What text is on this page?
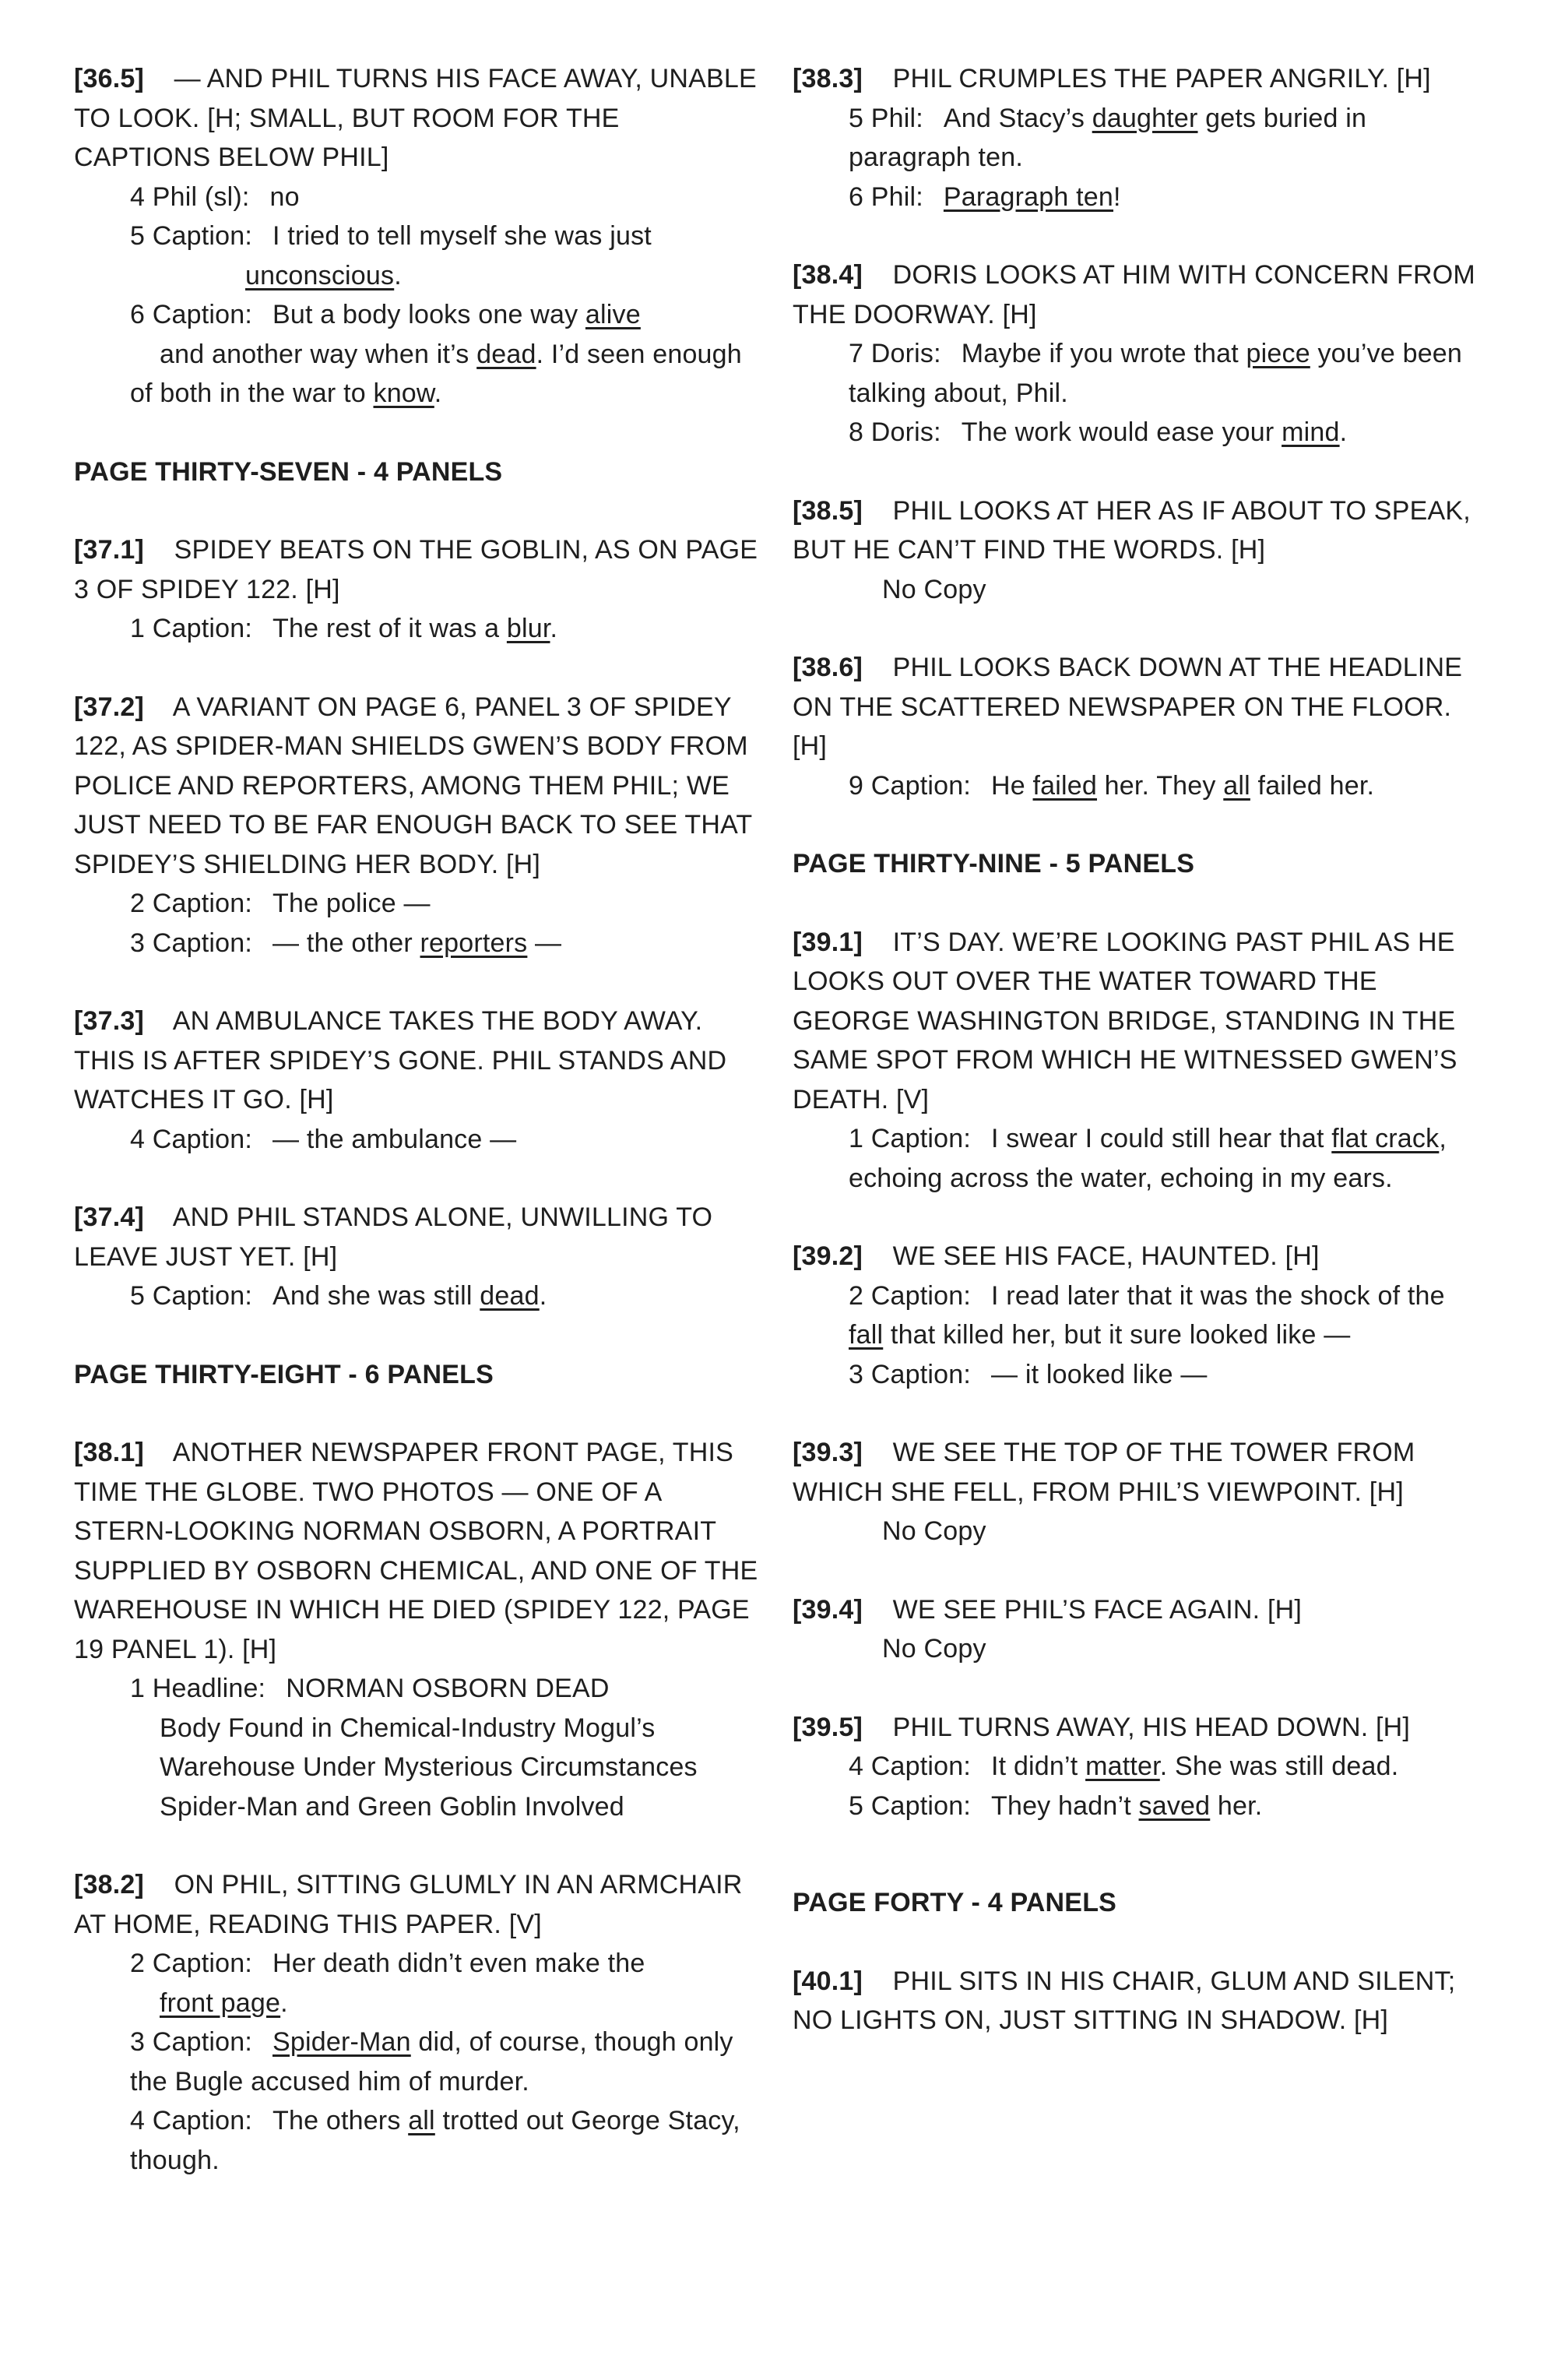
[36.5] — AND PHIL TURNS HIS FACE AWAY, UNABLE TO LOOK. [H; SMALL, BUT ROOM FOR THE CAPTIONS BELOW PHIL]

4 Phil (sl): no

5 Caption: I tried to tell myself she was just
unconscious.

6 Caption: But a body looks one way alive
and another way when it’s dead. I’d seen enough of both in the war to know.

PAGE THIRTY-SEVEN - 4 PANELS

[37.1] SPIDEY BEATS ON THE GOBLIN, AS ON PAGE 3 OF SPIDEY 122. [H]

1 Caption: The rest of it was a blur.

[37.2] A VARIANT ON PAGE 6, PANEL 3 OF SPIDEY 122, AS SPIDER-MAN SHIELDS GWEN’S BODY FROM POLICE AND REPORTERS, AMONG THEM PHIL; WE JUST NEED TO BE FAR ENOUGH BACK TO SEE THAT SPIDEY’S SHIELDING HER BODY. [H]

2 Caption: The police —

3 Caption: — the other reporters —

[37.3] AN AMBULANCE TAKES THE BODY AWAY. THIS IS AFTER SPIDEY’S GONE. PHIL STANDS AND WATCHES IT GO. [H]

4 Caption: — the ambulance —

[37.4] AND PHIL STANDS ALONE, UNWILLING TO LEAVE JUST YET. [H]

5 Caption: And she was still dead.

PAGE THIRTY-EIGHT - 6 PANELS

[38.1] ANOTHER NEWSPAPER FRONT PAGE, THIS TIME THE GLOBE. TWO PHOTOS — ONE OF A STERN-LOOKING NORMAN OSBORN, A PORTRAIT SUPPLIED BY OSBORN CHEMICAL, AND ONE OF THE WAREHOUSE IN WHICH HE DIED (SPIDEY 122, PAGE 19 PANEL 1). [H]

1 Headline: NORMAN OSBORN DEAD

Body Found in Chemical-Industry Mogul’s Warehouse Under Mysterious Circumstances

Spider-Man and Green Goblin Involved

[38.2] ON PHIL, SITTING GLUMLY IN AN ARMCHAIR AT HOME, READING THIS PAPER. [V]

2 Caption: Her death didn’t even make the
front page.

3 Caption: Spider-Man did, of course, though only the Bugle accused him of murder.

4 Caption: The others all trotted out George Stacy, though.

[38.3] PHIL CRUMPLES THE PAPER ANGRILY. [H]

5 Phil: And Stacy’s daughter gets buried in paragraph ten.

6 Phil: Paragraph ten!

[38.4] DORIS LOOKS AT HIM WITH CONCERN FROM THE DOORWAY. [H]

7 Doris: Maybe if you wrote that piece you’ve been talking about, Phil.

8 Doris: The work would ease your mind.

[38.5] PHIL LOOKS AT HER AS IF ABOUT TO SPEAK, BUT HE CAN’T FIND THE WORDS. [H]

No Copy

[38.6] PHIL LOOKS BACK DOWN AT THE HEADLINE ON THE SCATTERED NEWSPAPER ON THE FLOOR. [H]

9 Caption: He failed her. They all failed her.

PAGE THIRTY-NINE - 5 PANELS

[39.1] IT’S DAY. WE’RE LOOKING PAST PHIL AS HE LOOKS OUT OVER THE WATER TOWARD THE GEORGE WASHINGTON BRIDGE, STANDING IN THE SAME SPOT FROM WHICH HE WITNESSED GWEN’S DEATH. [V]

1 Caption: I swear I could still hear that flat crack, echoing across the water, echoing in my ears.

[39.2] WE SEE HIS FACE, HAUNTED. [H]

2 Caption: I read later that it was the shock of the fall that killed her, but it sure looked like —

3 Caption: — it looked like —

[39.3] WE SEE THE TOP OF THE TOWER FROM WHICH SHE FELL, FROM PHIL’S VIEWPOINT. [H]

No Copy

[39.4] WE SEE PHIL’S FACE AGAIN. [H]

No Copy

[39.5] PHIL TURNS AWAY, HIS HEAD DOWN. [H]

4 Caption: It didn’t matter. She was still dead.

5 Caption: They hadn’t saved her.

PAGE FORTY - 4 PANELS

[40.1] PHIL SITS IN HIS CHAIR, GLUM AND SILENT; NO LIGHTS ON, JUST SITTING IN SHADOW. [H]
